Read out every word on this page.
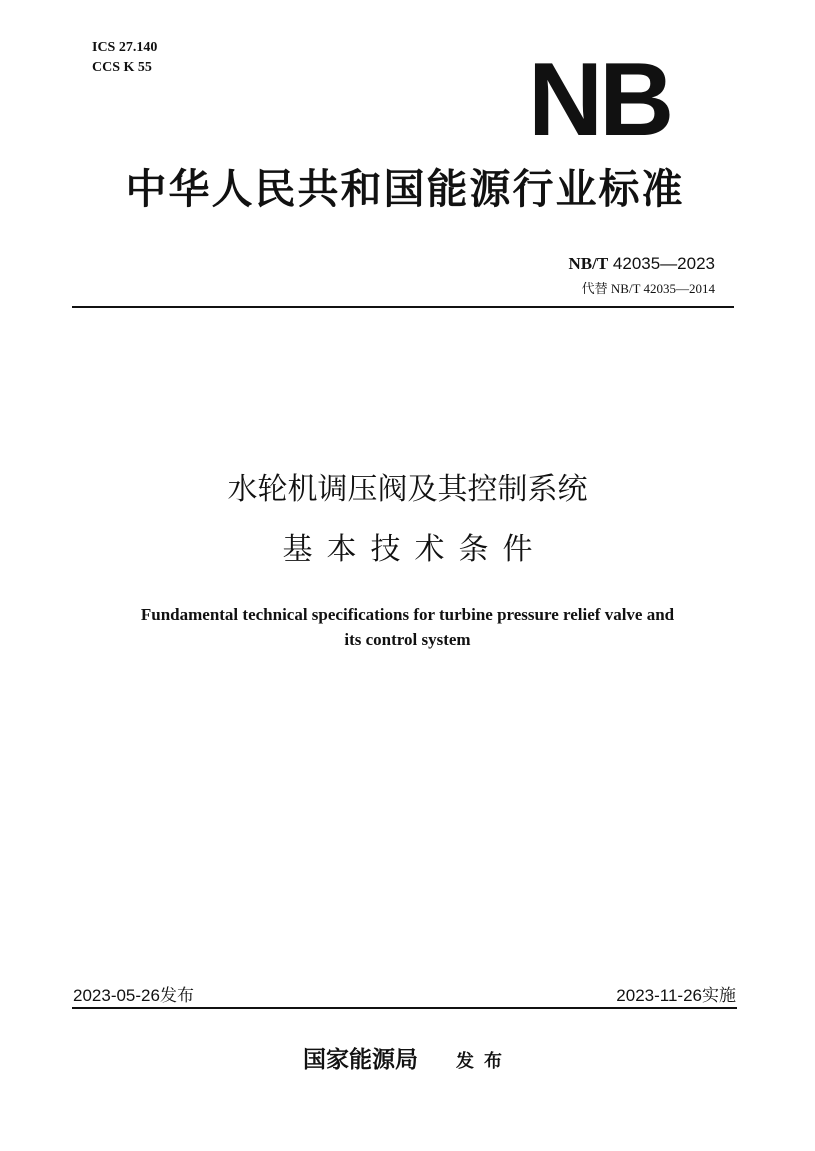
ICS 27.140
CCS K 55	NB
中华人民共和国能源行业标准
NB/T 42035—2023
代替 NB/T 42035—2014
水轮机调压阀及其控制系统
基本技术条件
Fundamental technical specifications for turbine pressure relief valve and
its control system
2023-05-26发布	2023-11-26实施
国家能源局 发布
